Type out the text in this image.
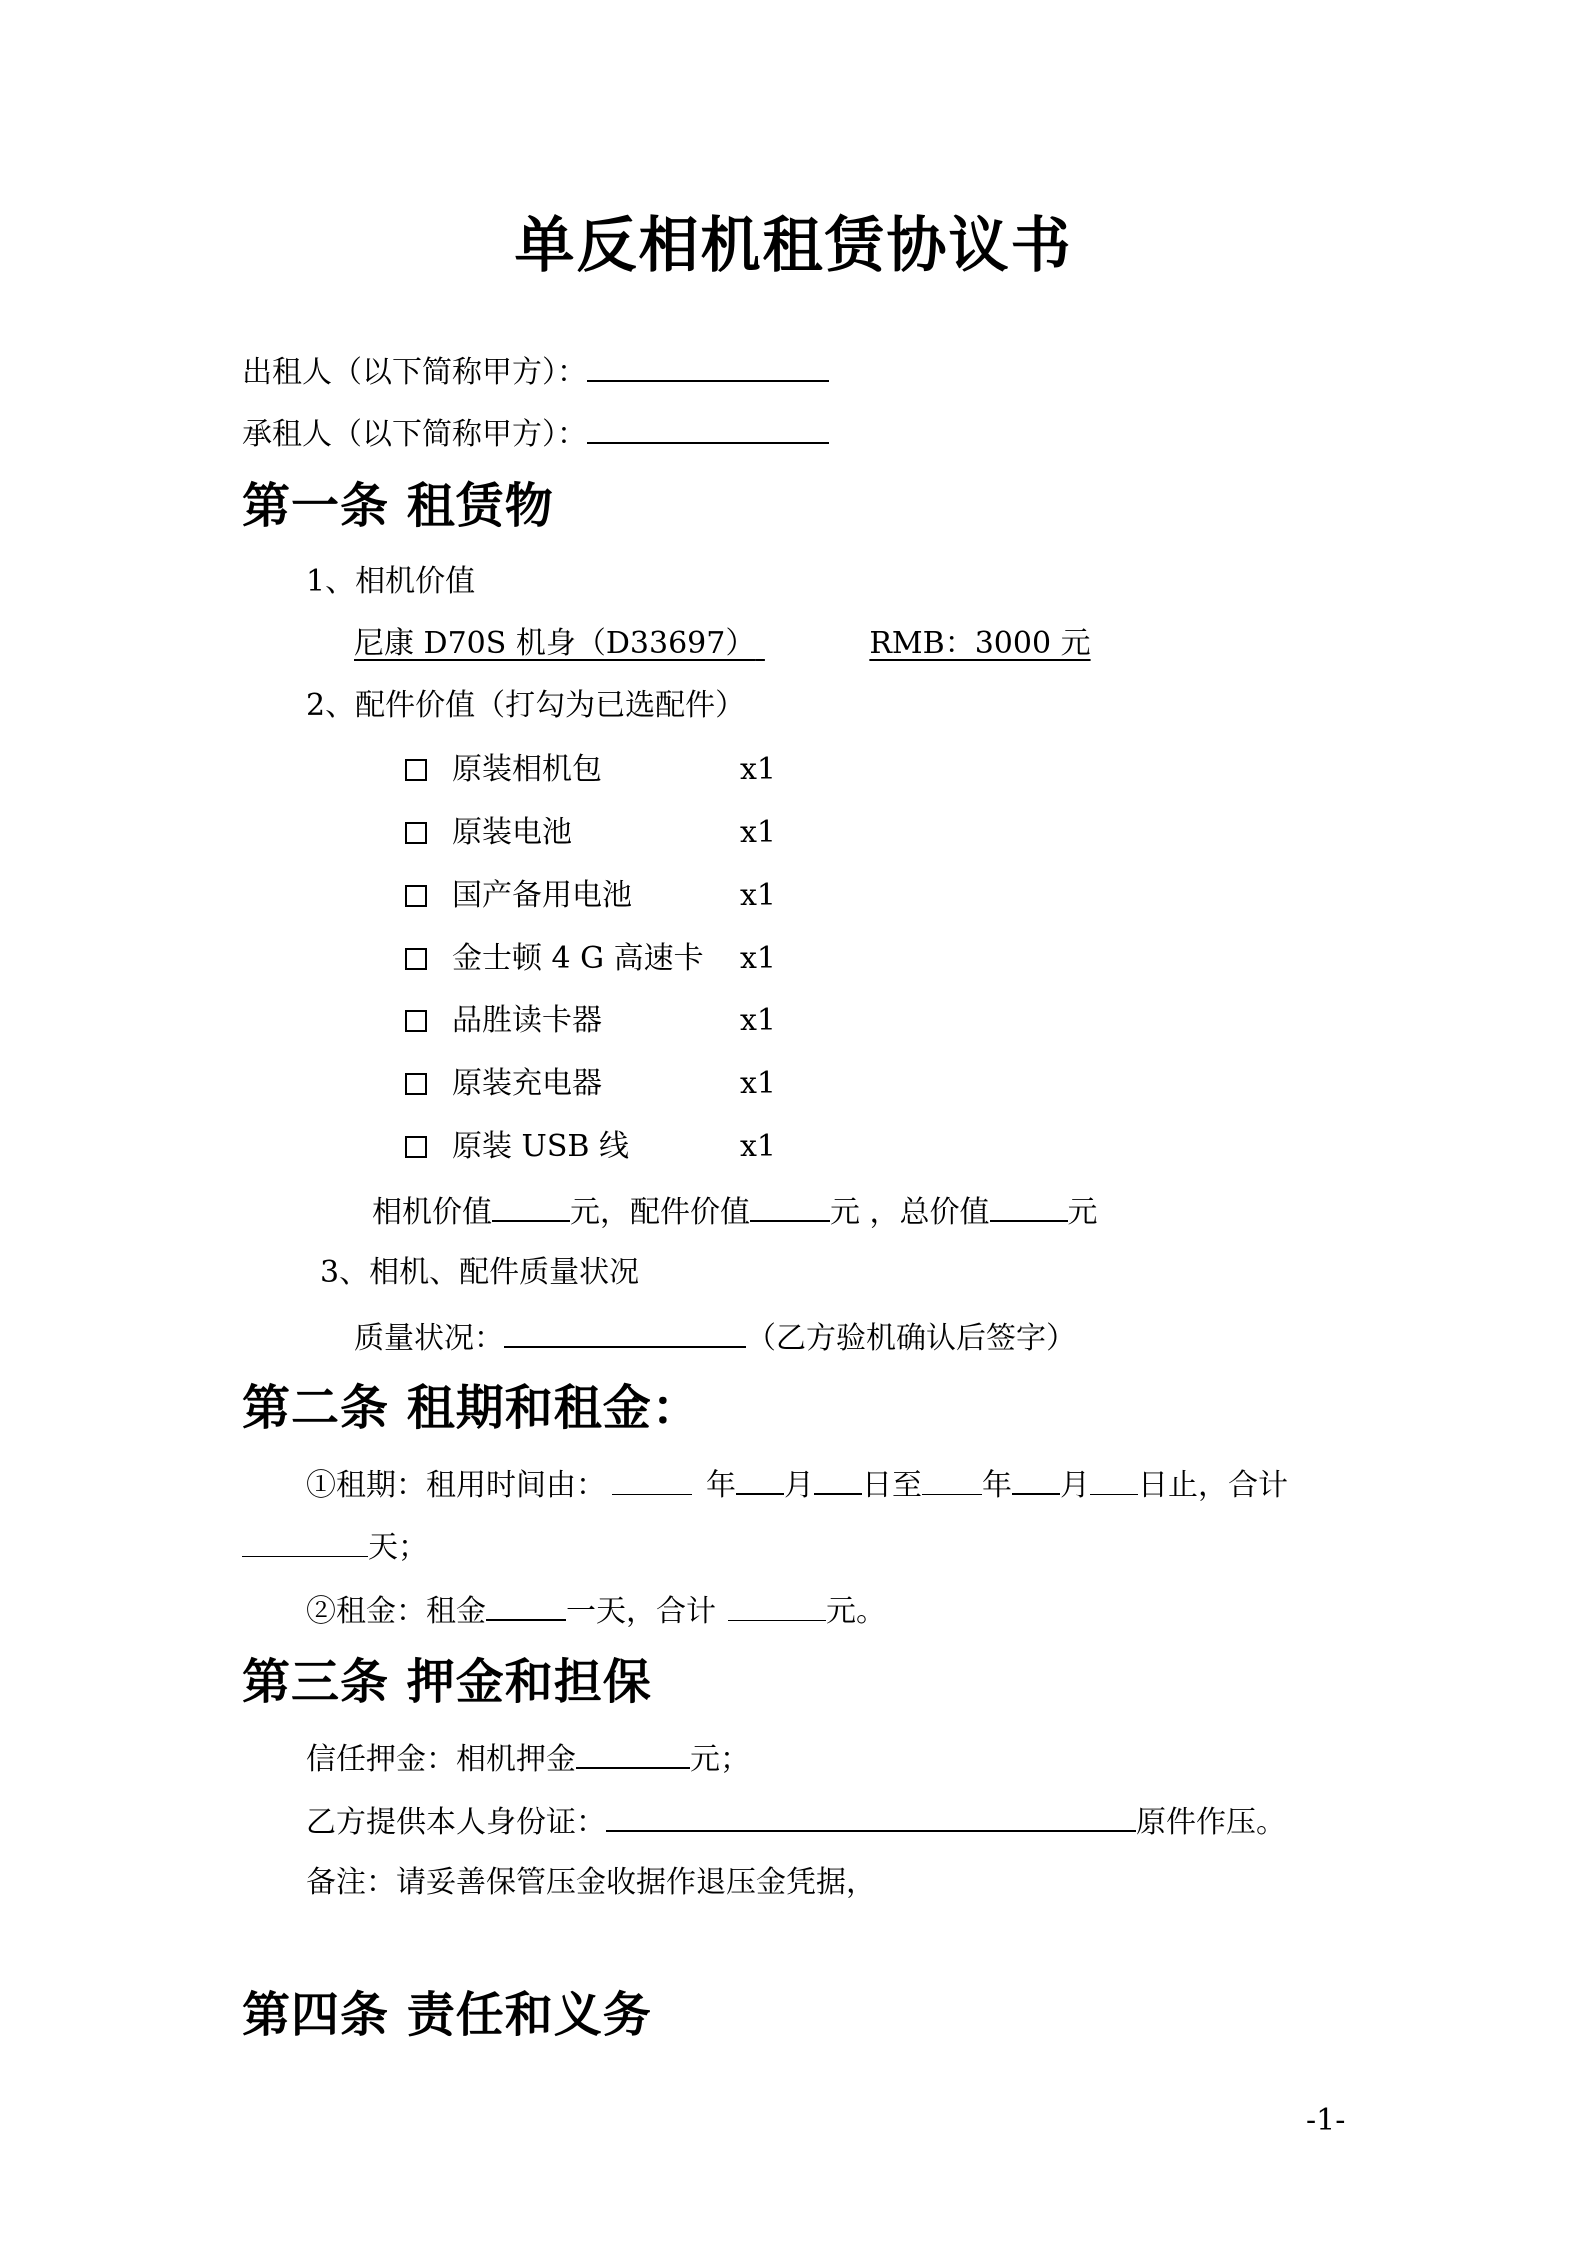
单反相机租赁协议书
出租人（以下简称甲方）：
承租人（以下简称甲方）：
第一条 租赁物
1、相机价值
尼康 D70S 机身（D33697）	RMB：3000 元
2、配件价值（打勾为已选配件）
原装相机包	x1
原装电池	x1
国产备用电池	x1
金士顿 4 G 高速卡 x1
品胜读卡器	x1
原装充电器	x1
原装 USB 线	x1
相机价值	元，配件价值	元 ，总价值	元
3、相机、配件质量状况
质量状况：	（乙方验机确认后签字）
第二条 租期和租金：
①租期：租用时间由：	年 月 日至 年 月 日止，合计
天；
②租金：租金	一天，合计	元。
第三条 押金和担保
信任押金：相机押金	元；
乙方提供本人身份证：	原件作压。
备注：请妥善保管压金收据作退压金凭据，
第四条 责任和义务
-1-
